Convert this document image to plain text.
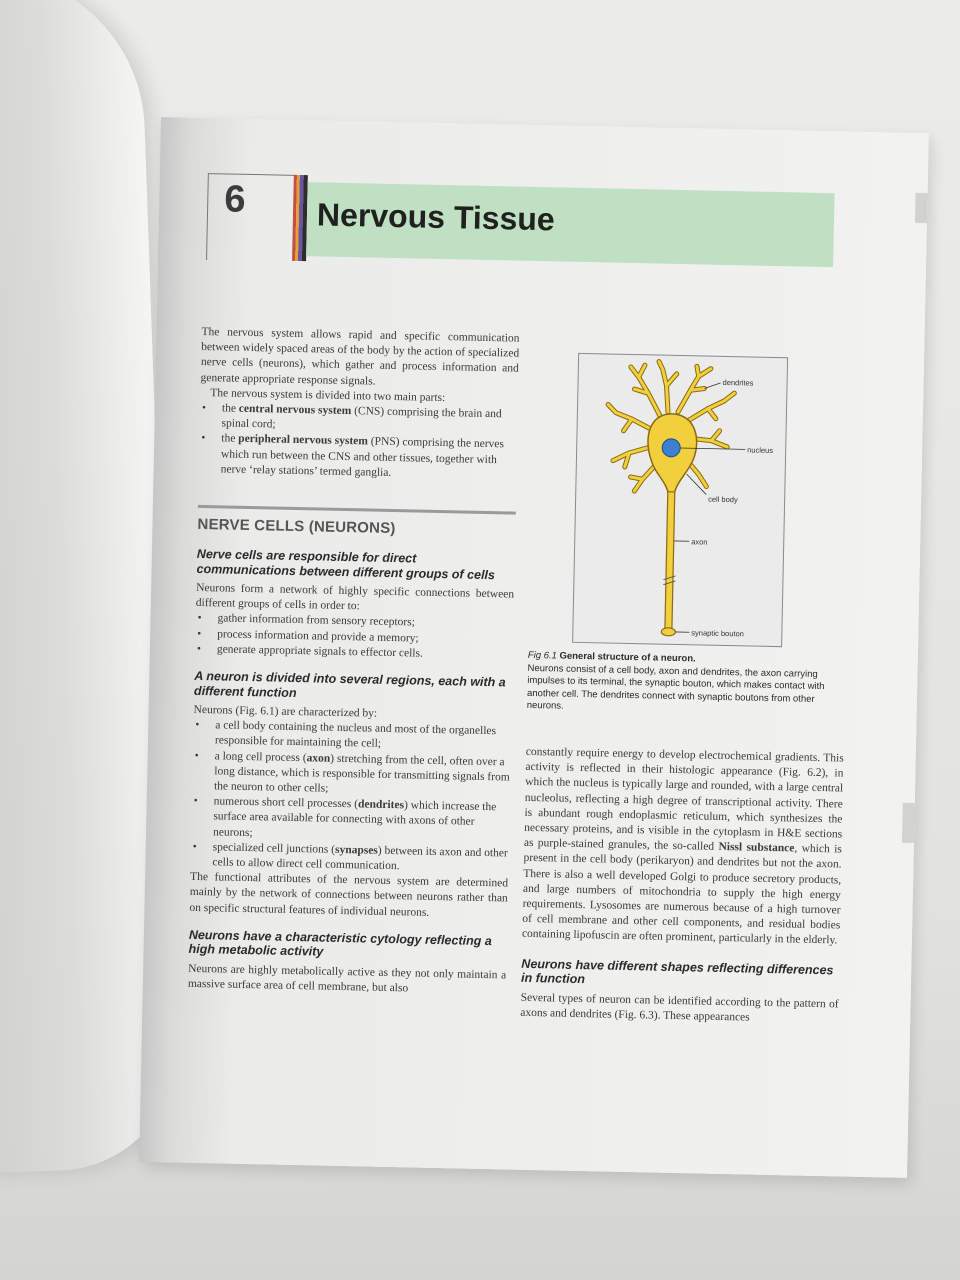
6 Nervous Tissue

The nervous system allows rapid and specific communication between widely spaced areas of the body by the action of specialized nerve cells (neurons), which gather and process information and generate appropriate response signals.

The nervous system is divided into two main parts:

• the central nervous system (CNS) comprising the brain and spinal cord;
• the peripheral nervous system (PNS) comprising the nerves which run between the CNS and other tissues, together with nerve ‘relay stations’ termed ganglia.
NERVE CELLS (NEURONS)
Nerve cells are responsible for direct communications between different groups of cells

Neurons form a network of highly specific connections between different groups of cells in order to:

• gather information from sensory receptors;
• process information and provide a memory;
• generate appropriate signals to effector cells.
A neuron is divided into several regions, each with a different function

Neurons (Fig. 6.1) are characterized by:

• a cell body containing the nucleus and most of the organelles responsible for maintaining the cell;
• a long cell process (axon) stretching from the cell, often over a long distance, which is responsible for transmitting signals from the neuron to other cells;
• numerous short cell processes (dendrites) which increase the surface area available for connecting with axons of other neurons;
• specialized cell junctions (synapses) between its axon and other cells to allow direct cell communication.

The functional attributes of the nervous system are determined mainly by the network of connections between neurons rather than on specific structural features of individual neurons.

Neurons have a characteristic cytology reflecting a high metabolic activity

Neurons are highly metabolically active as they not only maintain a massive surface area of cell membrane, but also

dendrites
nucleus
cell body
axon
synaptic bouton
Fig 6.1 General structure of a neuron.
Neurons consist of a cell body, axon and dendrites, the axon carrying impulses to its terminal, the synaptic bouton, which makes contact with another cell. The dendrites connect with synaptic boutons from other neurons.

constantly require energy to develop electrochemical gradients. This activity is reflected in their histologic appearance (Fig. 6.2), in which the nucleus is typically large and rounded, with a large central nucleolus, reflecting a high degree of transcriptional activity. There is abundant rough endoplasmic reticulum, which synthesizes the necessary proteins, and is visible in the cytoplasm in H&E sections as purple-stained granules, the so-called Nissl substance, which is present in the cell body (perikaryon) and dendrites but not the axon. There is also a well developed Golgi to produce secretory products, and large numbers of mitochondria to supply the high energy requirements. Lysosomes are numerous because of a high turnover of cell membrane and other cell components, and residual bodies containing lipofuscin are often prominent, particularly in the elderly.

Neurons have different shapes reflecting differences in function

Several types of neuron can be identified according to the pattern of axons and dendrites (Fig. 6.3). These appearances
